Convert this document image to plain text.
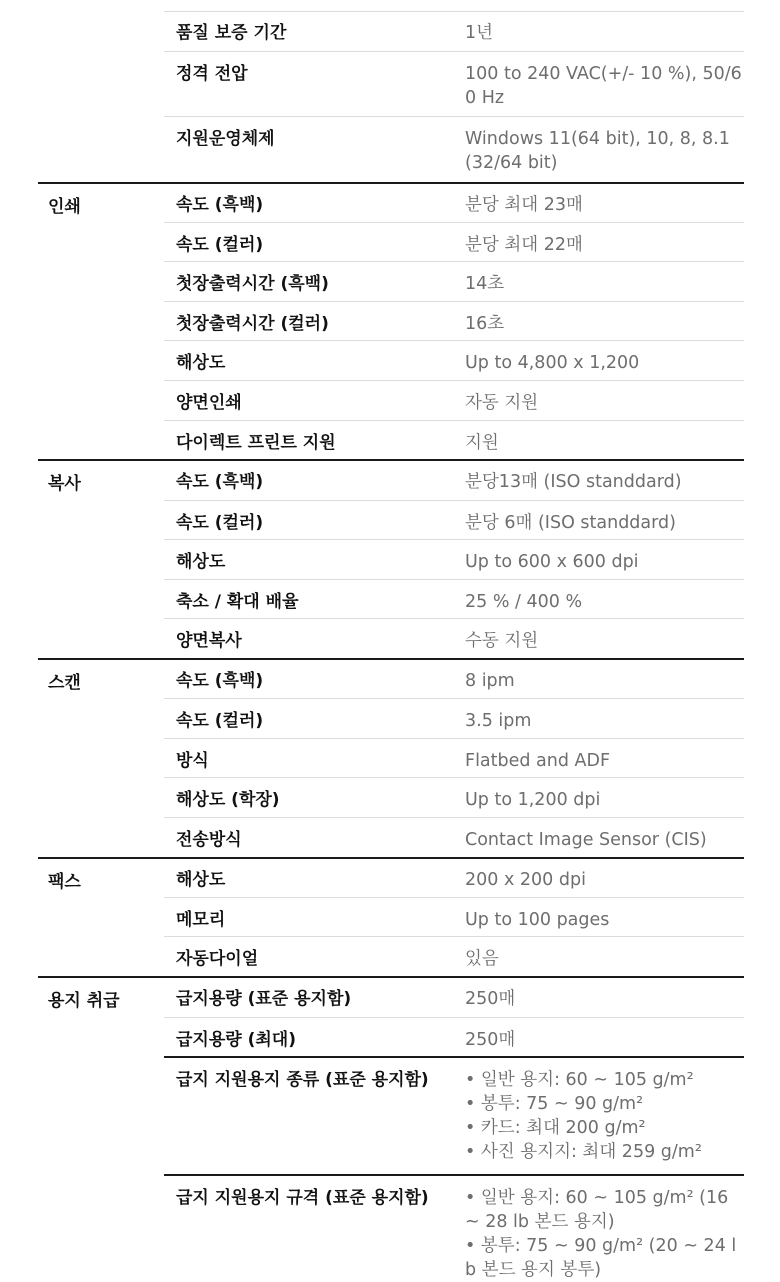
품질 보증 기간	1년
정격 전압	100 to 240 VAC(+/- 10 %), 50/60 Hz
지원운영체제	Windows 11(64 bit), 10, 8, 8.1(32/64 bit)
인쇄	속도 (흑백)	분당 최대 23매
속도 (컬러)	분당 최대 22매
첫장출력시간 (흑백)	14초
첫장출력시간 (컬러)	16초
해상도	Up to 4,800 x 1,200
양면인쇄	자동 지원
다이렉트 프린트 지원	지원
복사	속도 (흑백)	분당13매 (ISO standdard)
속도 (컬러)	분당 6매 (ISO standdard)
해상도	Up to 600 x 600 dpi
축소 / 확대 배율	25 % / 400 %
양면복사	수동 지원
스캔	속도 (흑백)	8 ipm
속도 (컬러)	3.5 ipm
방식	Flatbed and ADF
해상도 (학장)	Up to 1,200 dpi
전송방식	Contact Image Sensor (CIS)
팩스	해상도	200 x 200 dpi
메모리	Up to 100 pages
자동다이얼	있음
용지 취급	급지용량 (표준 용지함)	250매
급지용량 (최대)	250매
급지 지원용지 종류 (표준 용지함)	• 일반 용지: 60 ~ 105 g/m²
• 봉투: 75 ~ 90 g/m²
• 카드: 최대 200 g/m²
• 사진 용지지: 최대 259 g/m²
급지 지원용지 규격 (표준 용지함)	• 일반 용지: 60 ~ 105 g/m² (16 ~ 28 lb 본드 용지)
• 봉투: 75 ~ 90 g/m² (20 ~ 24 lb 본드 용지 봉투)
